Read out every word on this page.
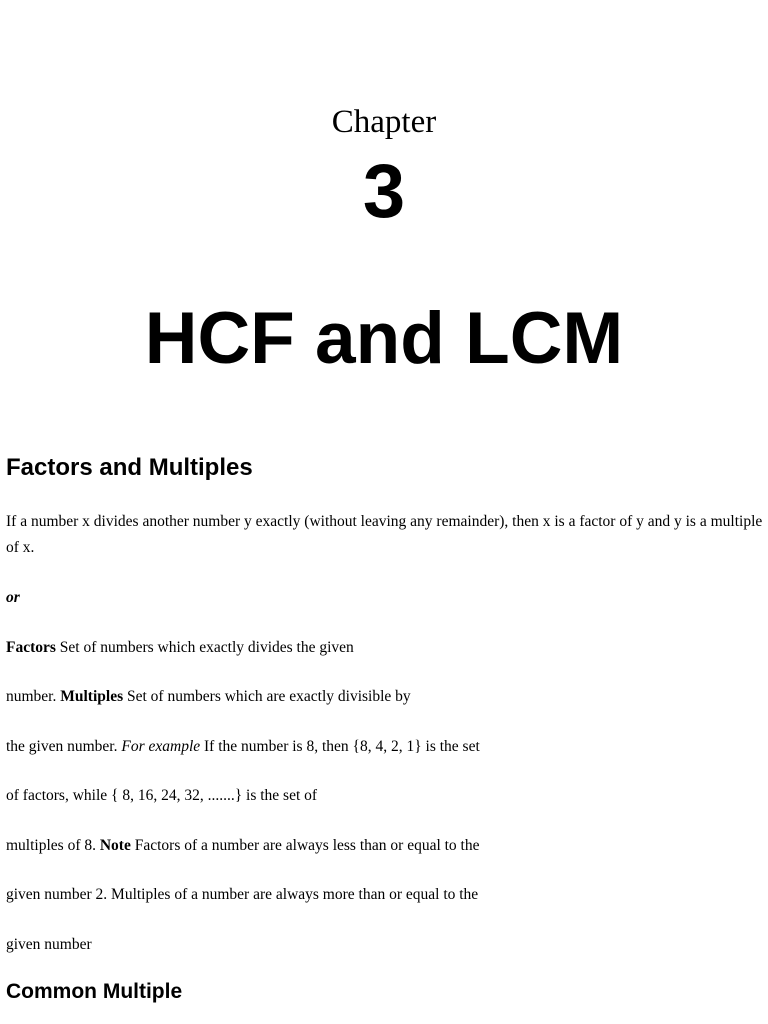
Chapter
3
HCF and LCM
Factors and Multiples

If a number x divides another number y exactly (without leaving any remainder), then x is a factor of y and y is a multiple of x.

or

Factors Set of numbers which exactly divides the given

number. Multiples Set of numbers which are exactly divisible by

the given number. For example If the number is 8, then {8, 4, 2, 1} is the set

of factors, while { 8, 16, 24, 32, .......} is the set of

multiples of 8. Note Factors of a number are always less than or equal to the

given number 2. Multiples of a number are always more than or equal to the

given number

Common Multiple
